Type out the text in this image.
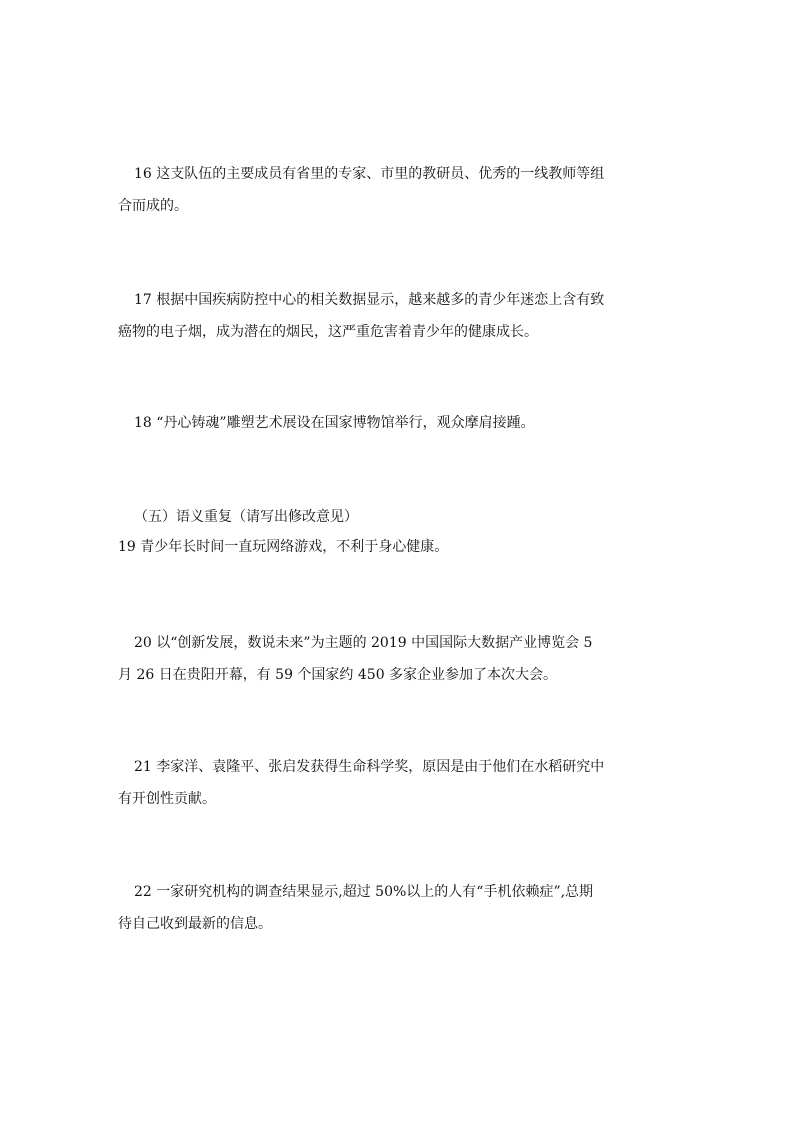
16 这支队伍的主要成员有省里的专家、市里的教研员、优秀的一线教师等组
合而成的。

17 根据中国疾病防控中心的相关数据显示，越来越多的青少年迷恋上含有致
癌物的电子烟，成为潜在的烟民，这严重危害着青少年的健康成长。

18 “丹心铸魂”雕塑艺术展设在国家博物馆举行，观众摩肩接踵。

（五）语义重复（请写出修改意见）

19 青少年长时间一直玩网络游戏，不利于身心健康。

20 以“创新发展，数说未来”为主题的 2019 中国国际大数据产业博览会 5
月 26 日在贵阳开幕，有 59 个国家约 450 多家企业参加了本次大会。

21 李家洋、袁隆平、张启发获得生命科学奖，原因是由于他们在水稻研究中
有开创性贡献。

22 一家研究机构的调查结果显示,超过 50%以上的人有“手机依赖症”,总期
待自己收到最新的信息。
